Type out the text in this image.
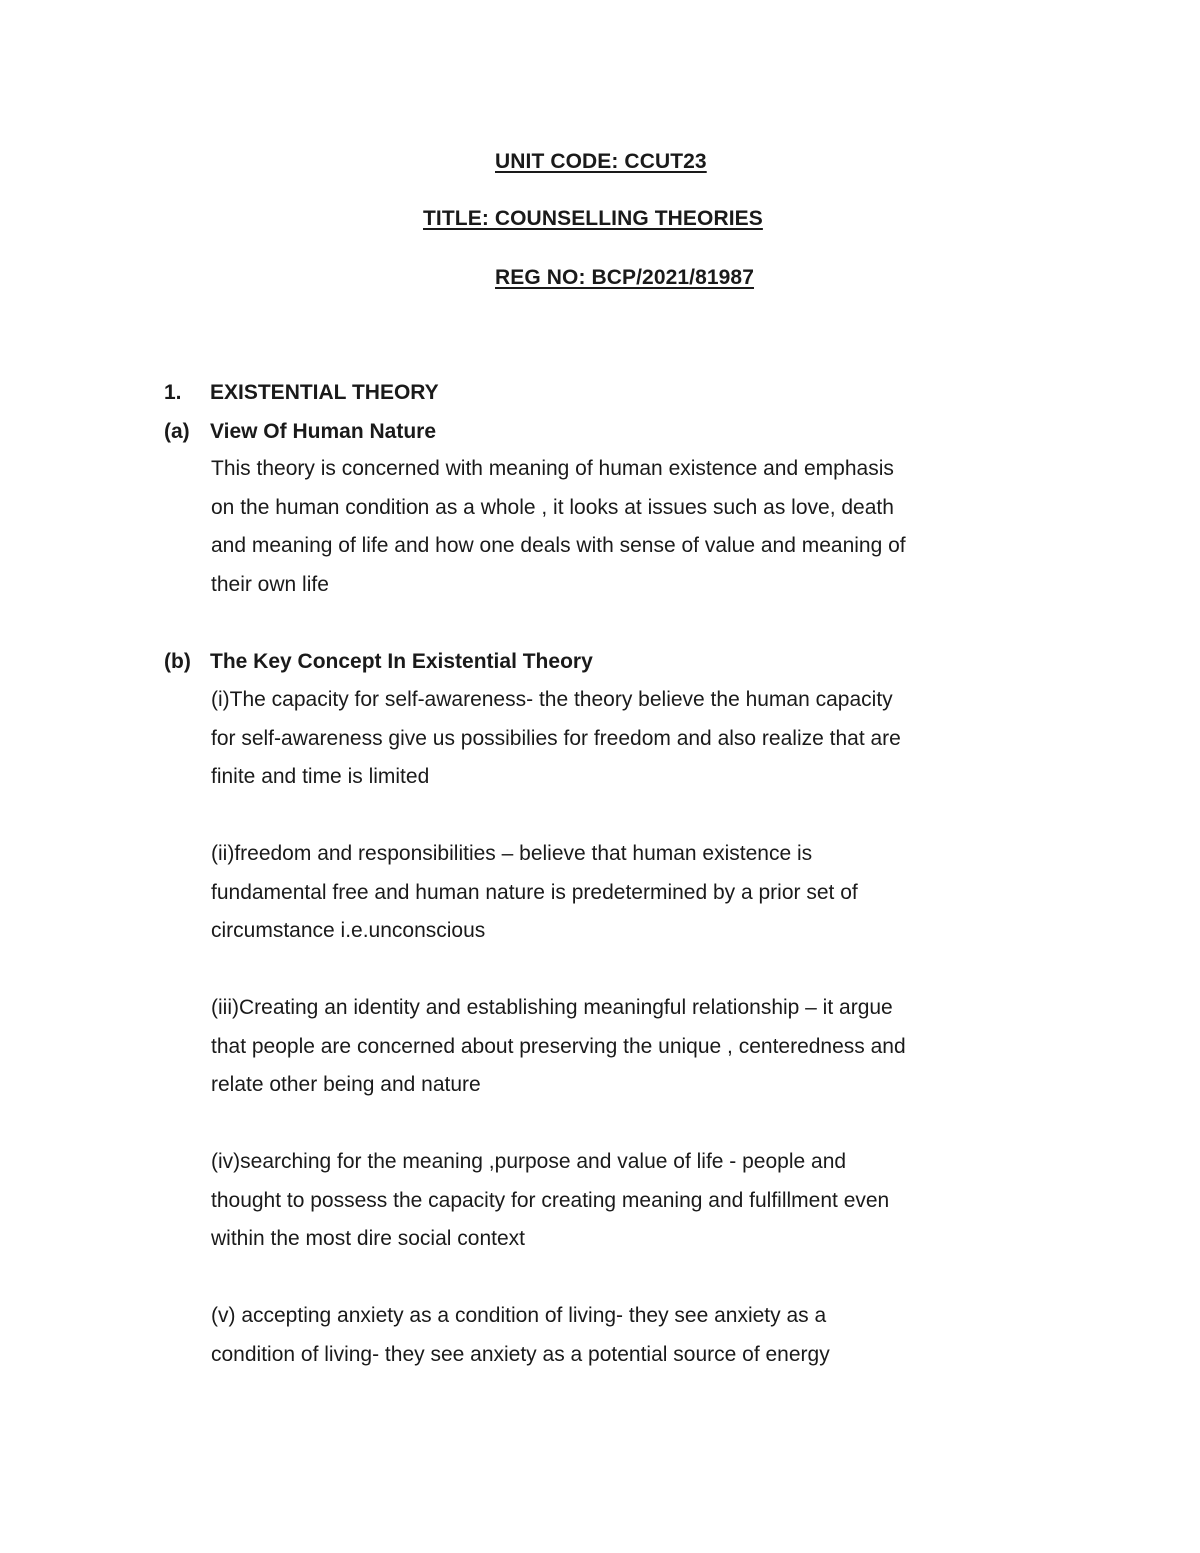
UNIT CODE: CCUT23
TITLE: COUNSELLING THEORIES
REG NO: BCP/2021/81987
1. EXISTENTIAL THEORY
(a) View Of Human Nature

This theory is concerned with meaning of human existence and emphasis
on the human condition as a whole , it looks at issues such as love, death
and meaning of life and how one deals with sense of value and meaning of
their own life

(b) The Key Concept In Existential Theory

(i)The capacity for self-awareness- the theory believe the human capacity
for self-awareness give us possibilies for freedom and also realize that are
finite and time is limited

(ii)freedom and responsibilities – believe that human existence is
fundamental free and human nature is predetermined by a prior set of
circumstance i.e.unconscious

(iii)Creating an identity and establishing meaningful relationship – it argue
that people are concerned about preserving the unique , centeredness and
relate other being and nature

(iv)searching for the meaning ,purpose and value of life - people and
thought to possess the capacity for creating meaning and fulfillment even
within the most dire social context

(v) accepting anxiety as a condition of living- they see anxiety as a
condition of living- they see anxiety as a potential source of energy
